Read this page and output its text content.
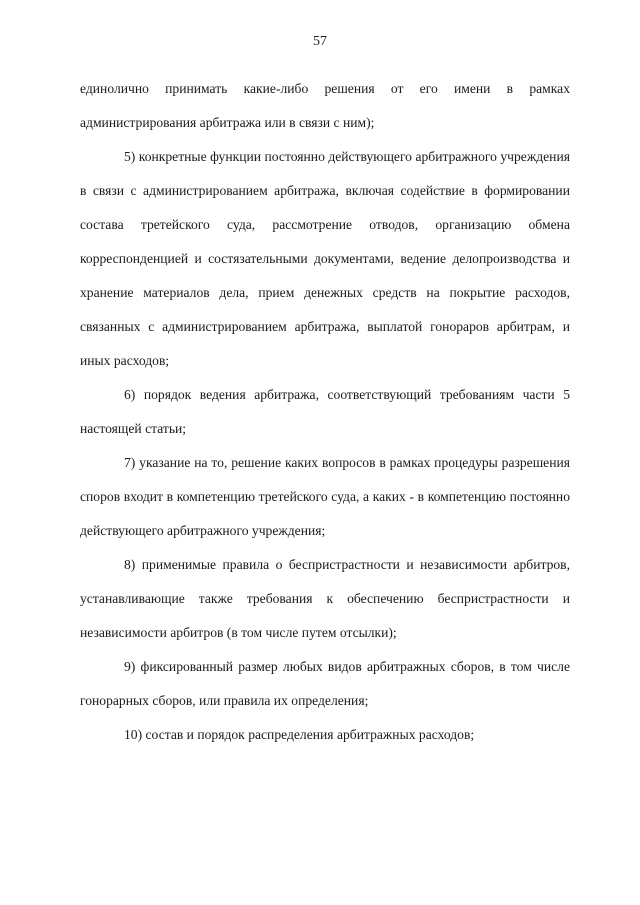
57

единолично принимать какие-либо решения от его имени в рамках администрирования арбитража или в связи с ним);

5) конкретные функции постоянно действующего арбитражного учреждения в связи с администрированием арбитража, включая содействие в формировании состава третейского суда, рассмотрение отводов, организацию обмена корреспонденцией и состязательными документами, ведение делопроизводства и хранение материалов дела, прием денежных средств на покрытие расходов, связанных с администрированием арбитража, выплатой гонораров арбитрам, и иных расходов;

6) порядок ведения арбитража, соответствующий требованиям части 5 настоящей статьи;

7) указание на то, решение каких вопросов в рамках процедуры разрешения споров входит в компетенцию третейского суда, а каких - в компетенцию постоянно действующего арбитражного учреждения;

8) применимые правила о беспристрастности и независимости арбитров, устанавливающие также требования к обеспечению беспристрастности и независимости арбитров (в том числе путем отсылки);

9) фиксированный размер любых видов арбитражных сборов, в том числе гонорарных сборов, или правила их определения;

10) состав и порядок распределения арбитражных расходов;
